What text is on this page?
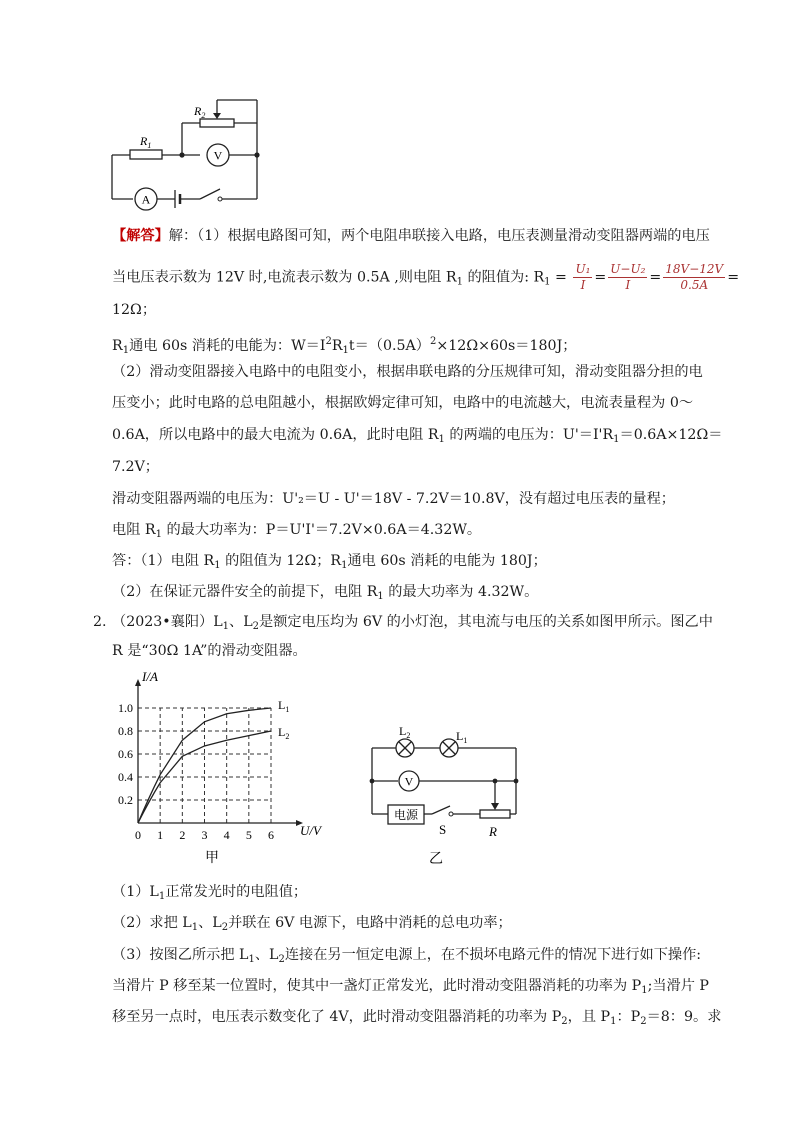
$R_1$
$R_2$
V
A
【解答】解：（1）根据电路图可知，两个电阻串联接入电路，电压表测量滑动变阻器两端的电压
当电压表示数为 12V 时,电流表示数为 0.5A ,则电阻 $R_1$ 的阻值为: $R_1 = \frac{\text{U₁}}{I} = \frac{\text{U−U₂}}{I} = \frac{18V-12V}{0.5A}$ =
12Ω；
$R_1$通电 60s 消耗的电能为：$W=I^2R_1t=(0.5A)^2\times 12\Omega\times 60s=180J$；
（2）滑动变阻器接入电路中的电阻变小，根据串联电路的分压规律可知，滑动变阻器分担的电
压变小；此时电路的总电阻越小，根据欧姆定律可知，电路中的电流越大，电流表量程为 0～
0.6A，所以电路中的最大电流为 0.6A，此时电阻 $R_1$ 的两端的电压为：$U'=I'R_1=0.6A\times 12\Omega=$
7.2V；
滑动变阻器两端的电压为：U'₂＝U - U'＝18V - 7.2V＝10.8V，没有超过电压表的量程；
电阻 $R_1$ 的最大功率为：P＝U'I'＝7.2V×0.6A＝4.32W。
答：（1）电阻 $R_1$ 的阻值为 12Ω；$R_1$通电 60s 消耗的电能为 180J；
（2）在保证元器件安全的前提下，电阻 $R_1$ 的最大功率为 4.32W。
2. （2023•襄阳）$L_1$、$L_2$是额定电压均为 6V 的小灯泡，其电流与电压的关系如图甲所示。图乙中
R 是“30Ω 1A”的滑动变阻器。
1.0
0.8
0.6
0.4
0.2
0 1 2 3 4 5 6
I/A
U/V
$L_1$
$L_2$
甲
$L_2$	$L_1$
V
电源
S	R
乙
$(1)L_1$正常发光时的电阻值；
（2）求把 $L_1$、$L_2$并联在 6V 电源下，电路中消耗的总电功率；
（3）按图乙所示把 $L_1$、$L_2$连接在另一恒定电源上，在不损坏电路元件的情况下进行如下操作:
当滑片 P 移至某一位置时，使其中一盏灯正常发光，此时滑动变阻器消耗的功率为 $P_1$;当滑片 P
移至另一点时，电压表示数变化了 4V，此时滑动变阻器消耗的功率为 $P_2$，且 $P_1$：$P_2=8$：9。求
